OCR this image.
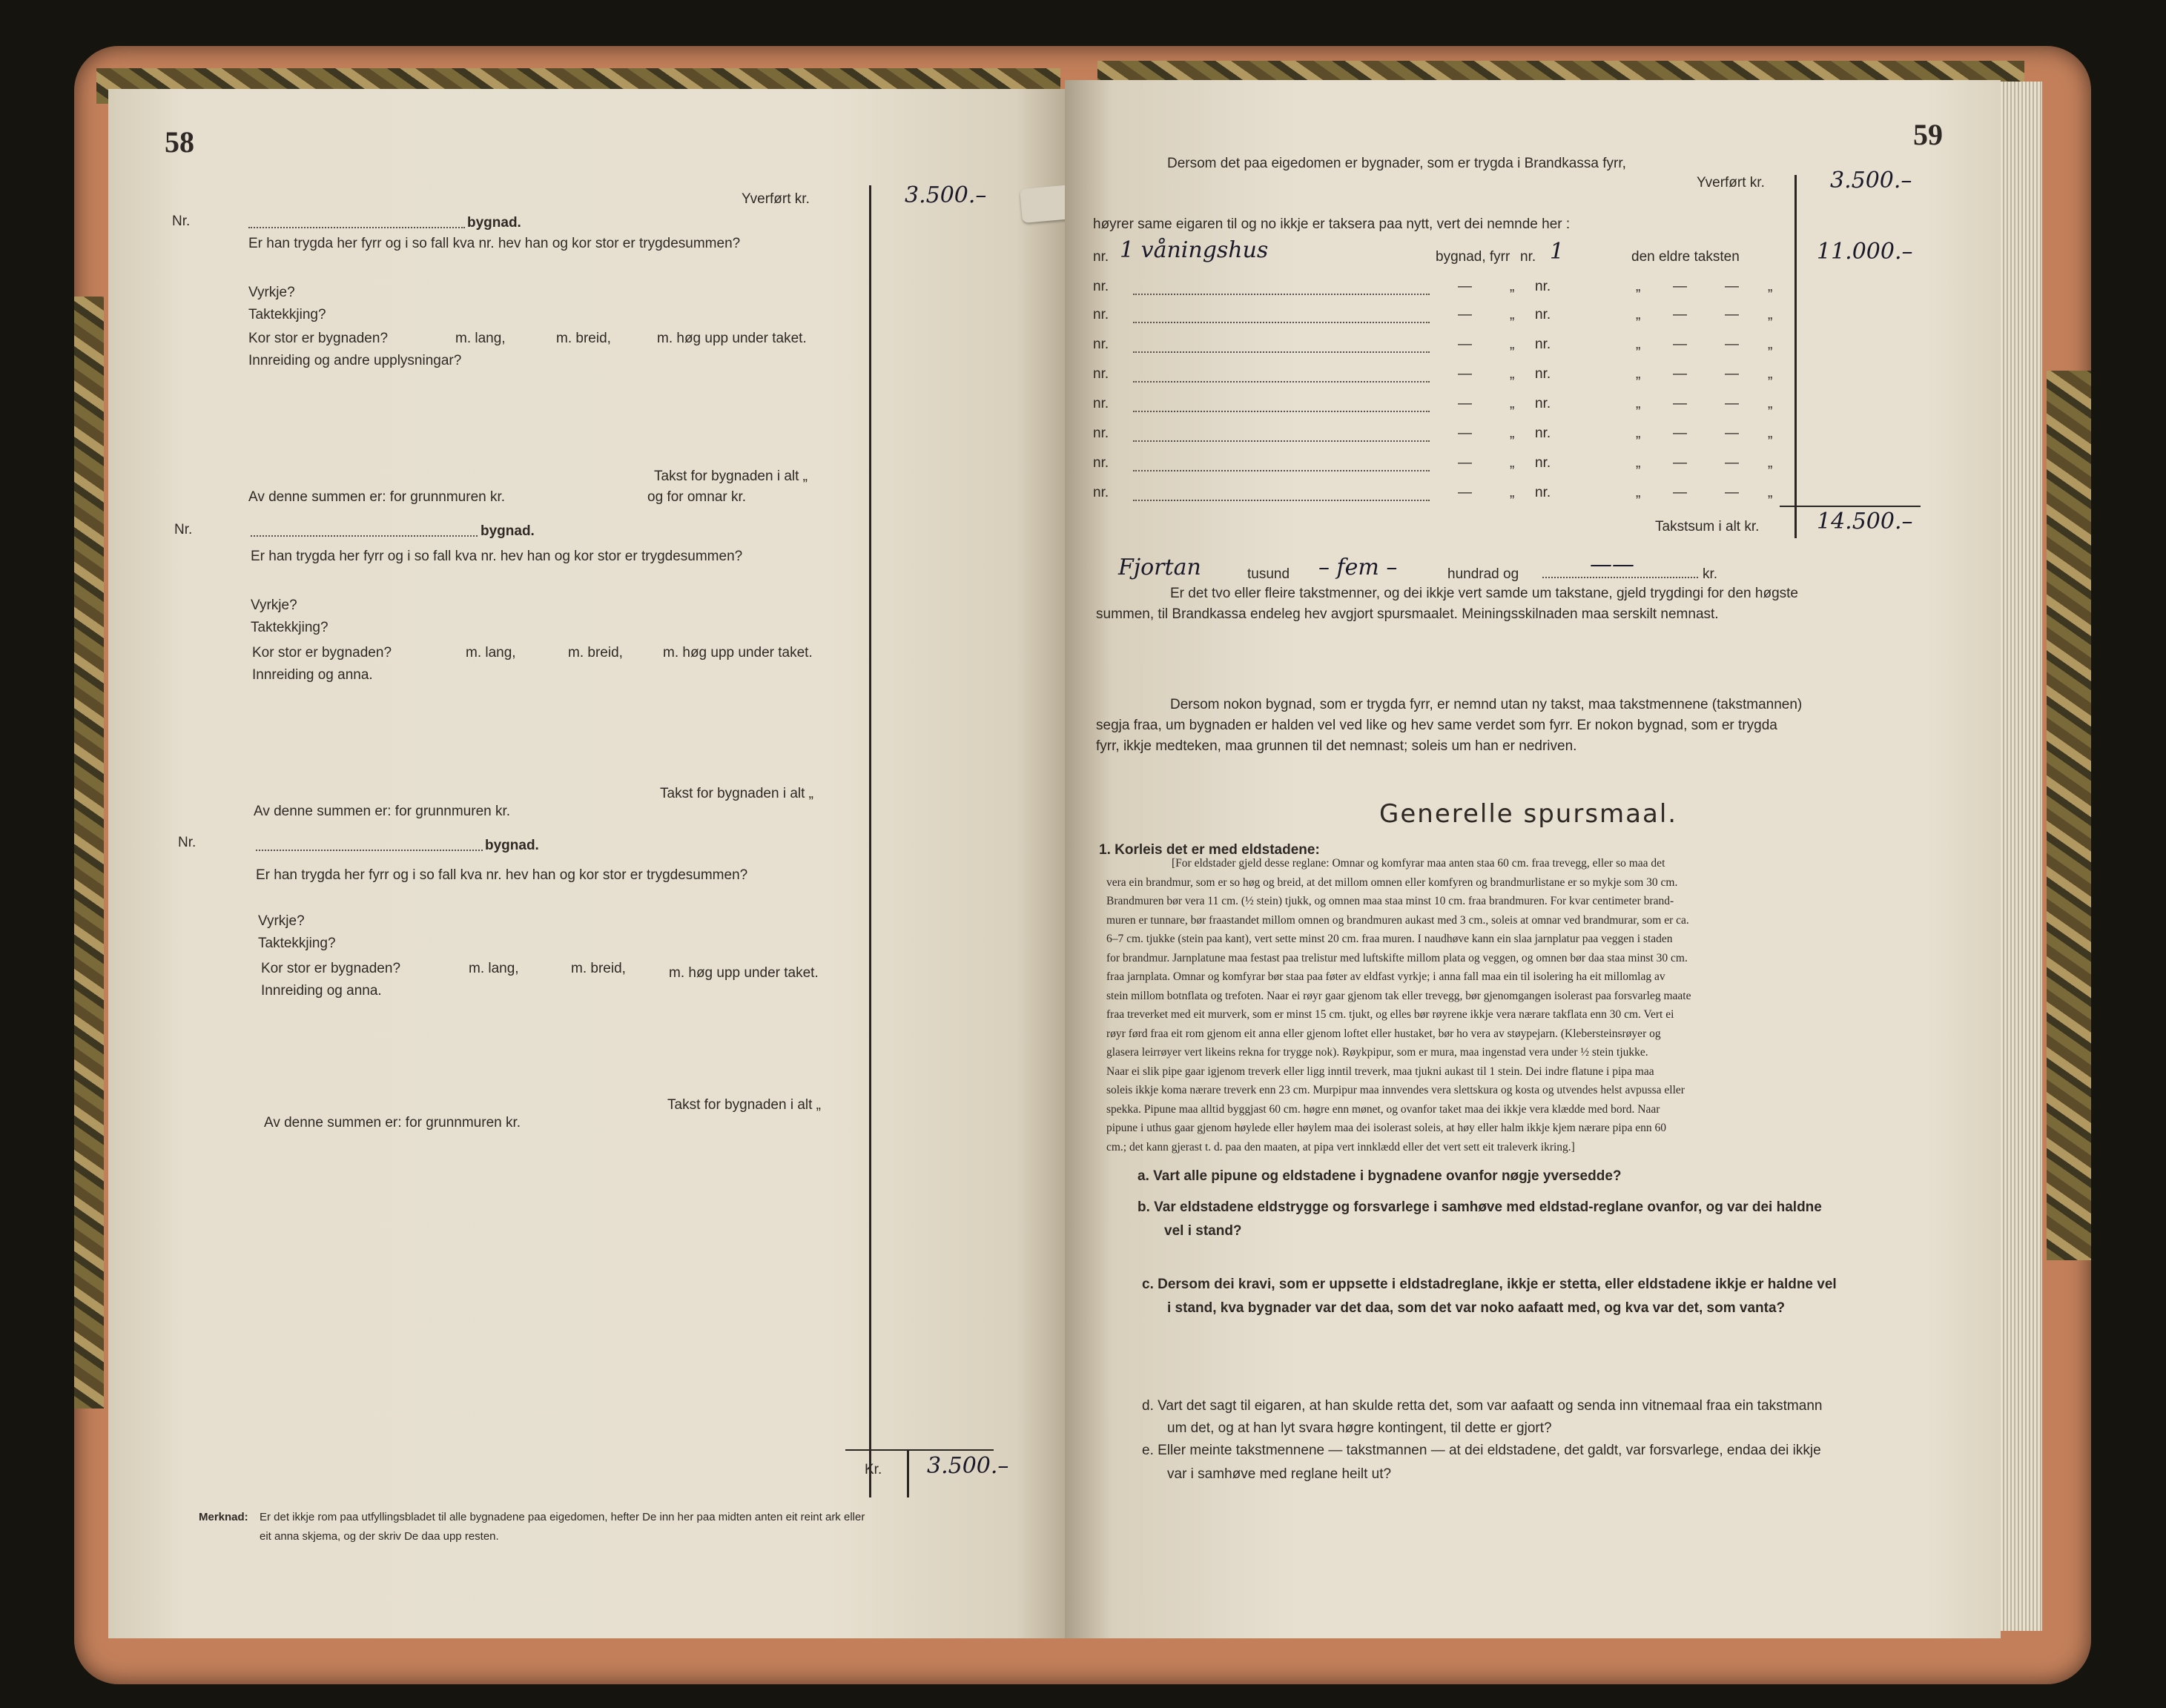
58
Yverført kr.	3.500.–
Nr.	bygnad.
Er han trygda her fyrr og i so fall kva nr. hev han og kor stor er trygdesummen?
Vyrkje?
Taktekkjing?
Kor stor er bygnaden?	m. lang,	m. breid,	m. høg upp under taket.
Innreiding og andre upplysningar?
Takst for bygnaden i alt „
Av denne summen er: for grunnmuren kr.	og for omnar kr.
Nr.	bygnad.
Er han trygda her fyrr og i so fall kva nr. hev han og kor stor er trygdesummen?
Vyrkje?
Taktekkjing?
Kor stor er bygnaden?	m. lang,	m. breid,	m. høg upp under taket.
Innreiding og anna.
Takst for bygnaden i alt „
Av denne summen er: for grunnmuren kr.
Nr.	bygnad.
Er han trygda her fyrr og i so fall kva nr. hev han og kor stor er trygdesummen?
Vyrkje?
Taktekkjing?
Kor stor er bygnaden?	m. lang,	m. breid,	m. høg upp under taket.
Innreiding og anna.
Takst for bygnaden i alt „
Av denne summen er: for grunnmuren kr.
Kr. 3.500.–
Merknad: Er det ikkje rom paa utfyllingsbladet til alle bygnadene paa eigedomen, hefter De inn her paa midten anten eit reint ark eller
eit anna skjema, og der skriv De daa upp resten.
59
Dersom det paa eigedomen er bygnader, som er trygda i Brandkassa fyrr,
Yverført kr.	3.500.–
høyrer same eigaren til og no ikkje er taksera paa nytt, vert dei nemnde her :
nr. 1 våningshus	bygnad, fyrr nr. 1	den eldre taksten	11.000.–
nr.	—	„ nr.	„ —	— „
nr.	—	„ nr.	„ —	— „
nr.	—	„ nr.	„ —	— „
nr.	—	„ nr.	„ —	— „
nr.	—	„ nr.	„ —	— „
nr.	—	„ nr.	„ —	— „
nr.	—	„ nr.	„ —	— „
nr.	—	„ nr.	„ —	— „
Takstsum i alt kr.	14.500.–
Fjortan	tusund – fem –	hundrad og	——	kr.
Er det tvo eller fleire takstmenner, og dei ikkje vert samde um takstane, gjeld trygdingi for den høgste
summen, til Brandkassa endeleg hev avgjort spursmaalet. Meiningsskilnaden maa serskilt nemnast.
Dersom nokon bygnad, som er trygda fyrr, er nemnd utan ny takst, maa takstmennene (takstmannen)
segja fraa, um bygnaden er halden vel ved like og hev same verdet som fyrr. Er nokon bygnad, som er trygda
fyrr, ikkje medteken, maa grunnen til det nemnast; soleis um han er nedriven.
Generelle spursmaal.
1. Korleis det er med eldstadene:
[For eldstader gjeld desse reglane: Omnar og komfyrar maa anten staa 60 cm. fraa trevegg, eller so maa det
vera ein brandmur, som er so høg og breid, at det millom omnen eller komfyren og brandmurlistane er so mykje som 30 cm.
Brandmuren bør vera 11 cm. (½ stein) tjukk, og omnen maa staa minst 10 cm. fraa brandmuren. For kvar centimeter brand-
muren er tunnare, bør fraastandet millom omnen og brandmuren aukast med 3 cm., soleis at omnar ved brandmurar, som er ca.
6–7 cm. tjukke (stein paa kant), vert sette minst 20 cm. fraa muren. I naudhøve kann ein slaa jarnplatur paa veggen i staden
for brandmur. Jarnplatune maa festast paa trelistur med luftskifte millom plata og veggen, og omnen bør daa staa minst 30 cm.
fraa jarnplata. Omnar og komfyrar bør staa paa føter av eldfast vyrkje; i anna fall maa ein til isolering ha eit millomlag av
stein millom botnflata og trefoten. Naar ei røyr gaar gjenom tak eller trevegg, bør gjenomgangen isolerast paa forsvarleg maate
fraa treverket med eit murverk, som er minst 15 cm. tjukt, og elles bør røyrene ikkje vera nærare takflata enn 30 cm. Vert ei
røyr førd fraa eit rom gjenom eit anna eller gjenom loftet eller hustaket, bør ho vera av støypejarn. (Klebersteinsrøyer og
glasera leirrøyer vert likeins rekna for trygge nok). Røykpipur, som er mura, maa ingenstad vera under ½ stein tjukke.
Naar ei slik pipe gaar igjenom treverk eller ligg inntil treverk, maa tjukni aukast til 1 stein. Dei indre flatune i pipa maa
soleis ikkje koma nærare treverk enn 23 cm. Murpipur maa innvendes vera slettskura og kosta og utvendes helst avpussa eller
spekka. Pipune maa alltid byggjast 60 cm. høgre enn mønet, og ovanfor taket maa dei ikkje vera klædde med bord. Naar
pipune i uthus gaar gjenom høylede eller høylem maa dei isolerast soleis, at høy eller halm ikkje kjem nærare pipa enn 60
cm.; det kann gjerast t. d. paa den maaten, at pipa vert innklædd eller det vert sett eit traleverk ikring.]
a. Vart alle pipune og eldstadene i bygnadene ovanfor nøgje yversedde?
b. Var eldstadene eldstrygge og forsvarlege i samhøve med eldstad-reglane ovanfor, og var dei haldne
vel i stand?
c. Dersom dei kravi, som er uppsette i eldstadreglane, ikkje er stetta, eller eldstadene ikkje er haldne vel
i stand, kva bygnader var det daa, som det var noko aafaatt med, og kva var det, som vanta?
d. Vart det sagt til eigaren, at han skulde retta det, som var aafaatt og senda inn vitnemaal fraa ein takstmann
um det, og at han lyt svara høgre kontingent, til dette er gjort?
e. Eller meinte takstmennene — takstmannen — at dei eldstadene, det galdt, var forsvarlege, endaa dei ikkje
var i samhøve med reglane heilt ut?
